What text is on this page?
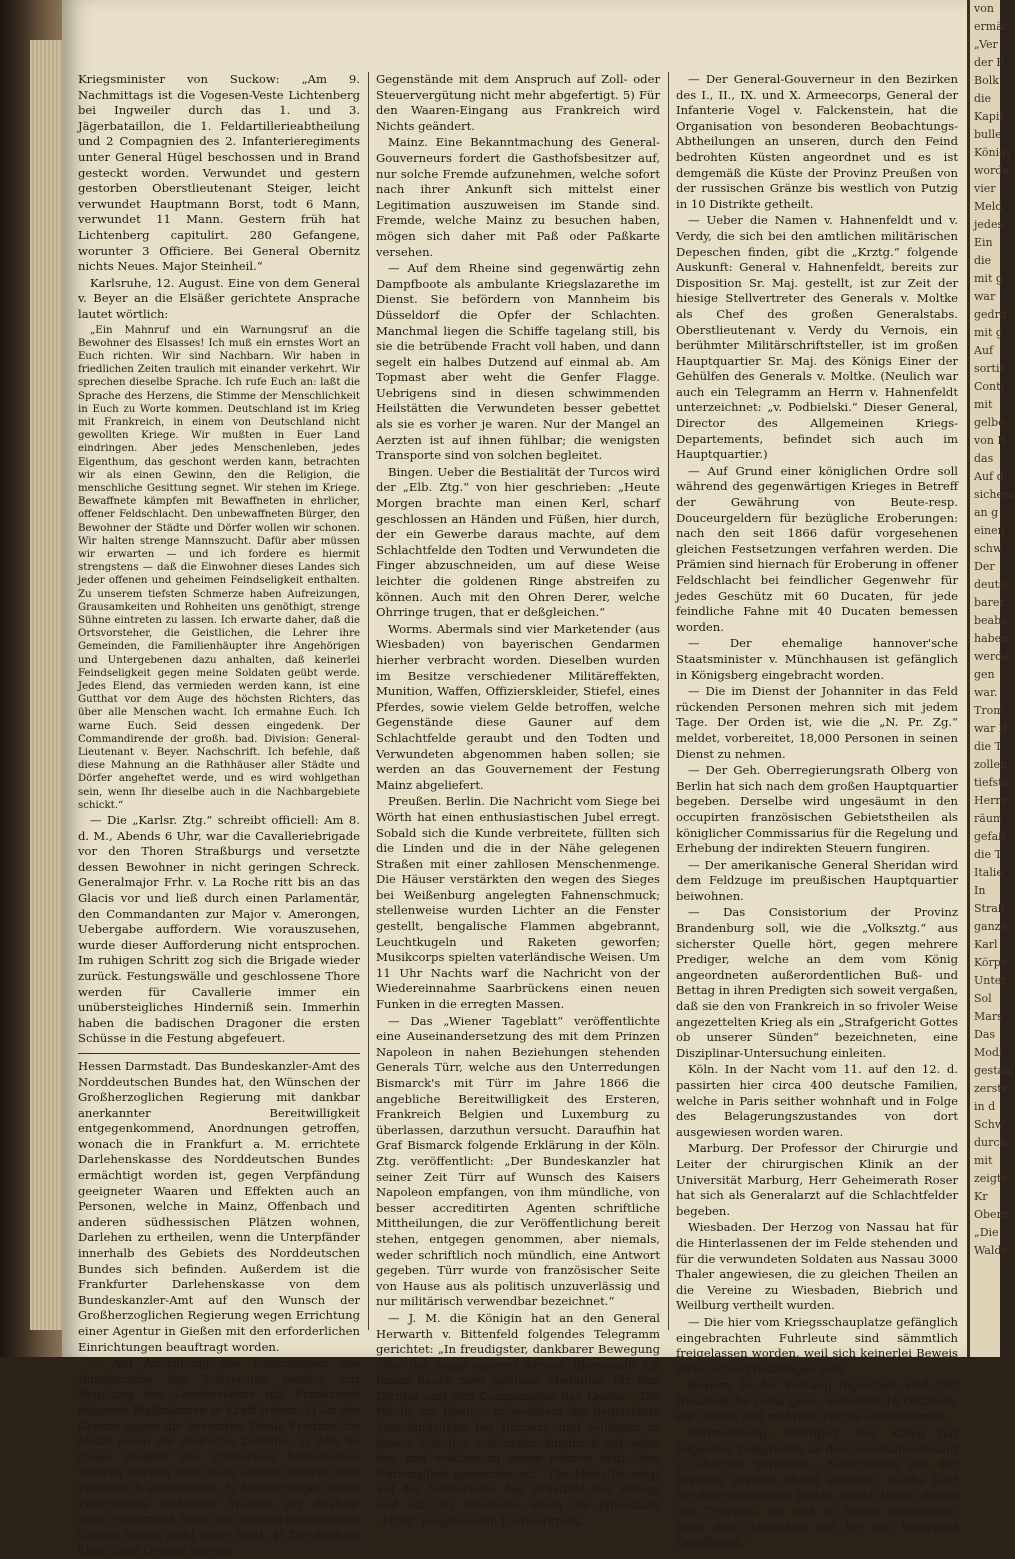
Kriegsminister von Suckow: „Am 9. Nachmittags ist die Vogesen-Veste Lichtenberg bei Ingweiler durch das 1. und 3. Jägerbataillon, die 1. Feldartillerieabtheilung und 2 Compagnien des 2. Infanterieregiments unter General Hügel beschossen und in Brand gesteckt worden. Verwundet und gestern gestorben Oberstlieutenant Steiger, leicht verwundet Hauptmann Borst, todt 6 Mann, verwundet 11 Mann. Gestern früh hat Lichtenberg capitulirt. 280 Gefangene, worunter 3 Officiere. Bei General Obernitz nichts Neues. Major Steinheil.“

Karlsruhe, 12. August. Eine von dem General v. Beyer an die Elsäßer gerichtete Ansprache lautet wörtlich:

„Ein Mahnruf und ein Warnungsruf an die Bewohner des Elsasses! Ich muß ein ernstes Wort an Euch richten. Wir sind Nachbarn. Wir haben in friedlichen Zeiten traulich mit einander verkehrt. Wir sprechen dieselbe Sprache. Ich rufe Euch an: laßt die Sprache des Herzens, die Stimme der Menschlichkeit in Euch zu Worte kommen. Deutschland ist im Krieg mit Frankreich, in einem von Deutschland nicht gewollten Kriege. Wir mußten in Euer Land eindringen. Aber jedes Menschenleben, jedes Eigenthum, das geschont werden kann, betrachten wir als einen Gewinn, den die Religion, die menschliche Gesittung segnet. Wir stehen im Kriege. Bewaffnete kämpfen mit Bewaffneten in ehrlicher, offener Feldschlacht. Den unbewaffneten Bürger, den Bewohner der Städte und Dörfer wollen wir schonen. Wir halten strenge Mannszucht. Dafür aber müssen wir erwarten — und ich fordere es hiermit strengstens — daß die Einwohner dieses Landes sich jeder offenen und geheimen Feindseligkeit enthalten. Zu unserem tiefsten Schmerze haben Aufreizungen, Grausamkeiten und Rohheiten uns genöthigt, strenge Sühne eintreten zu lassen. Ich erwarte daher, daß die Ortsvorsteher, die Geistlichen, die Lehrer ihre Gemeinden, die Familienhäupter ihre Angehörigen und Untergebenen dazu anhalten, daß keinerlei Feindseligkeit gegen meine Soldaten geübt werde. Jedes Elend, das vermieden werden kann, ist eine Gutthat vor dem Auge des höchsten Richters, das über alle Menschen wacht. Ich ermahne Euch. Ich warne Euch. Seid dessen eingedenk. Der Commandirende der großh. bad. Division: General-Lieutenant v. Beyer. Nachschrift. Ich befehle, daß diese Mahnung an die Rathhäuser aller Städte und Dörfer angeheftet werde, und es wird wohlgethan sein, wenn Ihr dieselbe auch in die Nachbargebiete schickt.“

— Die „Karlsr. Ztg.“ schreibt officiell: Am 8. d. M., Abends 6 Uhr, war die Cavalleriebrigade vor den Thoren Straßburgs und versetzte dessen Bewohner in nicht geringen Schreck. Generalmajor Frhr. v. La Roche ritt bis an das Glacis vor und ließ durch einen Parlamentär, den Commandanten zur Major v. Amerongen, Uebergabe auffordern. Wie vorauszusehen, wurde dieser Aufforderung nicht entsprochen. Im ruhigen Schritt zog sich die Brigade wieder zurück. Festungswälle und geschlossene Thore werden für Cavallerie immer ein unübersteigliches Hinderniß sein. Immerhin haben die badischen Dragoner die ersten Schüsse in die Festung abgefeuert.

Hessen Darmstadt. Das Bundeskanzler-Amt des Norddeutschen Bundes hat, den Wünschen der Großherzoglichen Regierung mit dankbar anerkannter Bereitwilligkeit entgegenkommend, Anordnungen getroffen, wonach die in Frankfurt a. M. errichtete Darlehenskasse des Norddeutschen Bundes ermächtigt worden ist, gegen Verpfändung geeigneter Waaren und Effekten auch an Personen, welche in Mainz, Offenbach und anderen südhessischen Plätzen wohnen, Darlehen zu ertheilen, wenn die Unterpfänder innerhalb des Gebiets des Norddeutschen Bundes sich befinden. Außerdem ist die Frankfurter Darlehenskasse von dem Bundeskanzler-Amt auf den Wunsch der Großherzoglichen Regierung wegen Errichtung einer Agentur in Gießen mit den erforderlichen Einrichtungen beauftragt worden.

— Auf Anordnung des Vorsitzenden des Bundesraths des Zollvereins werden zur Regelung des Landverkehrs mit Frankreich folgende Maßnahmen in Kraft treten: 1) An der Grenze gegen die besetzten Theile Frankreichs bleibt allein die deutsche Zolllinie. 2) Alle im freien Verkehr des Zollvereins befindlichen Waaren werden über diese Grenze zollfrei nach Frankreich eingelassen. 3) Abfertigungen unter Zollcontrole stehender Waaren zur Ausfuhr nach Frankreich über die deutsch-französische Grenze finden nicht mehr Statt. 4) Zur Ausfuhr über diese Grenze werden

Gegenstände mit dem Anspruch auf Zoll- oder Steuervergütung nicht mehr abgefertigt. 5) Für den Waaren-Eingang aus Frankreich wird Nichts geändert.

Mainz. Eine Bekanntmachung des General-Gouverneurs fordert die Gasthofsbesitzer auf, nur solche Fremde aufzunehmen, welche sofort nach ihrer Ankunft sich mittelst einer Legitimation auszuweisen im Stande sind. Fremde, welche Mainz zu besuchen haben, mögen sich daher mit Paß oder Paßkarte versehen.

— Auf dem Rheine sind gegenwärtig zehn Dampfboote als ambulante Kriegslazarethe im Dienst. Sie befördern von Mannheim bis Düsseldorf die Opfer der Schlachten. Manchmal liegen die Schiffe tagelang still, bis sie die betrübende Fracht voll haben, und dann segelt ein halbes Dutzend auf einmal ab. Am Topmast aber weht die Genfer Flagge. Uebrigens sind in diesen schwimmenden Heilstätten die Verwundeten besser gebettet als sie es vorher je waren. Nur der Mangel an Aerzten ist auf ihnen fühlbar; die wenigsten Transporte sind von solchen begleitet.

Bingen. Ueber die Bestialität der Turcos wird der „Elb. Ztg.“ von hier geschrieben: „Heute Morgen brachte man einen Kerl, scharf geschlossen an Händen und Füßen, hier durch, der ein Gewerbe daraus machte, auf dem Schlachtfelde den Todten und Verwundeten die Finger abzuschneiden, um auf diese Weise leichter die goldenen Ringe abstreifen zu können. Auch mit den Ohren Derer, welche Ohrringe trugen, that er deßgleichen.“

Worms. Abermals sind vier Marketender (aus Wiesbaden) von bayerischen Gendarmen hierher verbracht worden. Dieselben wurden im Besitze verschiedener Militäreffekten, Munition, Waffen, Offizierskleider, Stiefel, eines Pferdes, sowie vielem Gelde betroffen, welche Gegenstände diese Gauner auf dem Schlachtfelde geraubt und den Todten und Verwundeten abgenommen haben sollen; sie werden an das Gouvernement der Festung Mainz abgeliefert.

Preußen. Berlin. Die Nachricht vom Siege bei Wörth hat einen enthusiastischen Jubel erregt. Sobald sich die Kunde verbreitete, füllten sich die Linden und die in der Nähe gelegenen Straßen mit einer zahllosen Menschenmenge. Die Häuser verstärkten den wegen des Sieges bei Weißenburg angelegten Fahnenschmuck; stellenweise wurden Lichter an die Fenster gestellt, bengalische Flammen abgebrannt, Leuchtkugeln und Raketen geworfen; Musikcorps spielten vaterländische Weisen. Um 11 Uhr Nachts warf die Nachricht von der Wiedereinnahme Saarbrückens einen neuen Funken in die erregten Massen.

— Das „Wiener Tageblatt“ veröffentlichte eine Auseinandersetzung des mit dem Prinzen Napoleon in nahen Beziehungen stehenden Generals Türr, welche aus den Unterredungen Bismarck's mit Türr im Jahre 1866 die angebliche Bereitwilligkeit des Ersteren, Frankreich Belgien und Luxemburg zu überlassen, darzuthun versucht. Daraufhin hat Graf Bismarck folgende Erklärung in der Köln. Ztg. veröffentlicht: „Der Bundeskanzler hat seiner Zeit Türr auf Wunsch des Kaisers Napoleon empfangen, von ihm mündliche, von besser accreditirten Agenten schriftliche Mittheilungen, die zur Veröffentlichung bereit stehen, entgegen genommen, aber niemals, weder schriftlich noch mündlich, eine Antwort gegeben. Türr wurde von französischer Seite von Hause aus als politisch unzuverlässig und nur militärisch verwendbar bezeichnet.“

— J. M. die Königin hat an den General Herwarth v. Bittenfeld folgendes Telegramm gerichtet: „In freudigster, dankbarer Bewegung über die Siege unserer Armee, übersende Ich Ihnen heute zwei goldene Medaillen für den Dichter und den Componisten des Liedes: „Die Wacht am Rhein“, in welchem die begeisterte Vaterlandsliebe bei Bürgern und Soldaten in dieser Zeit den schönsten Ausdruck gefunden hat, und welches zu einem wahren deutschen Nationallied geworden ist.“ Die Medaille zeigt auf der Vorderseite das Brustbild des Königs und auf der Rückseite einen die Jahreszahl „1870“ umgebenden Lorbeerkranz.

— Der General-Gouverneur in den Bezirken des I., II., IX. und X. Armeecorps, General der Infanterie Vogel v. Falckenstein, hat die Organisation von besonderen Beobachtungs-Abtheilungen an unseren, durch den Feind bedrohten Küsten angeordnet und es ist demgemäß die Küste der Provinz Preußen von der russischen Gränze bis westlich von Putzig in 10 Distrikte getheilt.

— Ueber die Namen v. Hahnenfeldt und v. Verdy, die sich bei den amtlichen militärischen Depeschen finden, gibt die „Krztg.“ folgende Auskunft: General v. Hahnenfeldt, bereits zur Disposition Sr. Maj. gestellt, ist zur Zeit der hiesige Stellvertreter des Generals v. Moltke als Chef des großen Generalstabs. Oberstlieutenant v. Verdy du Vernois, ein berühmter Militärschriftsteller, ist im großen Hauptquartier Sr. Maj. des Königs Einer der Gehülfen des Generals v. Moltke. (Neulich war auch ein Telegramm an Herrn v. Hahnenfeldt unterzeichnet: „v. Podbielski.“ Dieser General, Director des Allgemeinen Kriegs-Departements, befindet sich auch im Hauptquartier.)

— Auf Grund einer königlichen Ordre soll während des gegenwärtigen Krieges in Betreff der Gewährung von Beute-resp. Douceurgeldern für bezügliche Eroberungen: nach den seit 1866 dafür vorgesehenen gleichen Festsetzungen verfahren werden. Die Prämien sind hiernach für Eroberung in offener Feldschlacht bei feindlicher Gegenwehr für jedes Geschütz mit 60 Ducaten, für jede feindliche Fahne mit 40 Ducaten bemessen worden.

— Der ehemalige hannover'sche Staatsminister v. Münchhausen ist gefänglich in Königsberg eingebracht worden.

— Die im Dienst der Johanniter in das Feld rückenden Personen mehren sich mit jedem Tage. Der Orden ist, wie die „N. Pr. Zg.“ meldet, vorbereitet, 18,000 Personen in seinen Dienst zu nehmen.

— Der Geh. Oberregierungsrath Olberg von Berlin hat sich nach dem großen Hauptquartier begeben. Derselbe wird ungesäumt in den occupirten französischen Gebietstheilen als königlicher Commissarius für die Regelung und Erhebung der indirekten Steuern fungiren.

— Der amerikanische General Sheridan wird dem Feldzuge im preußischen Hauptquartier beiwohnen.

— Das Consistorium der Provinz Brandenburg soll, wie die „Volksztg.“ aus sicherster Quelle hört, gegen mehrere Prediger, welche an dem vom König angeordneten außerordentlichen Buß- und Bettag in ihren Predigten sich soweit vergaßen, daß sie den von Frankreich in so frivoler Weise angezettelten Krieg als ein „Strafgericht Gottes ob unserer Sünden“ bezeichneten, eine Disziplinar-Untersuchung einleiten.

Köln. In der Nacht vom 11. auf den 12. d. passirten hier circa 400 deutsche Familien, welche in Paris seither wohnhaft und in Folge des Belagerungszustandes von dort ausgewiesen worden waren.

Marburg. Der Professor der Chirurgie und Leiter der chirurgischen Klinik an der Universität Marburg, Herr Geheimerath Roser hat sich als Generalarzt auf die Schlachtfelder begeben.

Wiesbaden. Der Herzog von Nassau hat für die Hinterlassenen der im Felde stehenden und für die verwundeten Soldaten aus Nassau 3000 Thaler angewiesen, die zu gleichen Theilen an die Vereine zu Wiesbaden, Biebrich und Weilburg vertheilt wurden.

— Die hier vom Kriegsschauplatze gefänglich eingebrachten Fuhrleute sind sämmtlich freigelassen worden, weil sich keinerlei Beweis ihrer Schuld beibringen ließ.

Bayern. In der Festung Ingolstadt sind 500 französische Gefangene, worunter 16 Offiziere, ein Oberst und mehrere Turcos angekommen.

Württemberg. Stuttgart. Der König hat folgendes Telegramm an den Generallieutenant v. Obernitz gerichtet: „Nachrichten von der Division gestern Abend erhalten. Danke Gott für den siegreichen Erfolg, danke Ihnen, danke den Truppen, die sich so tapfer geschlagen. Ehre dem Andenken der für das Vaterland Gefallenen.“

von
ermäc
„Ver
der R
Bolk
die
Kapit
bulle
Königl
worde
vier
Meld
jedes
Ein
die
mit g
war
gedru
mit g
Auf
sortir
Conti
mit
gelbe
von R
das
Auf d
sicheru
an g
einen
schw
Der
deutsc
barer
beabs
haben
werde
gen
war.
Trom
war D
die T
zollen
tiefste
Herre
räum
gefaß
die T
Italie
In
Straß
ganze
Karl
Körpe
Unter
Sol
Mars
Das
Modi
gestan
zerstr
in d
Schw
durch
mit
zeigte
Kr
Obern
„Die
Walde
